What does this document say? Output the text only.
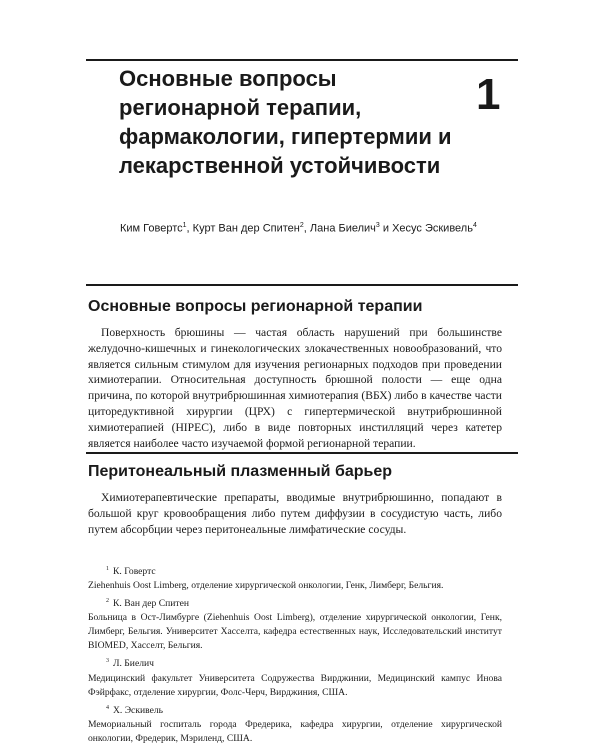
Основные вопросы регионарной терапии, фармакологии, гипертермии и лекарственной устойчивости
1

Ким Говертс$^1$, Курт Ван дер Спитен$^2$, Лана Биелич$^3$ и Хесус Эскивель$^4$

Основные вопросы регионарной терапии

Поверхность брюшины — частая область нарушений при большинстве желудочно-кишечных и гинекологических злокачественных новообразований, что является сильным стимулом для изучения регионарных подходов при проведении химиотерапии. Относительная доступность брюшной полости — еще одна причина, по которой внутрибрюшинная химиотерапия (ВБХ) либо в качестве части циторедуктивной хирургии (ЦРХ) с гипертермической внутрибрюшинной химиотерапией (HIPEC), либо в виде повторных инстилляций через катетер является наиболее часто изучаемой формой регионарной терапии.

Перитонеальный плазменный барьер

Химиотерапевтические препараты, вводимые внутрибрюшинно, попадают в большой круг кровообращения либо путем диффузии в сосудистую часть, либо путем абсорбции через перитонеальные лимфатические сосуды.

$^1$ К. Говертс

Ziehenhuis Oost Limberg, отделение хирургической онкологии, Генк, Лимберг, Бельгия.

$^2$ К. Ван дер Спитен

Больница в Ост-Лимбурге (Ziehenhuis Oost Limberg), отделение хирургической онкологии, Генк, Лимберг, Бельгия. Университет Хасселта, кафедра естественных наук, Исследовательский институт BIOMED, Хасселт, Бельгия.

$^3$ Л. Биелич

Медицинский факультет Университета Содружества Вирджинии, Медицинский кампус Инова Фэйрфакс, отделение хирургии, Фолс-Черч, Вирджиния, США.

$^4$ Х. Эскивель

Мемориальный госпиталь города Фредерика, кафедра хирургии, отделение хирургической онкологии, Фредерик, Мэриленд, США.
